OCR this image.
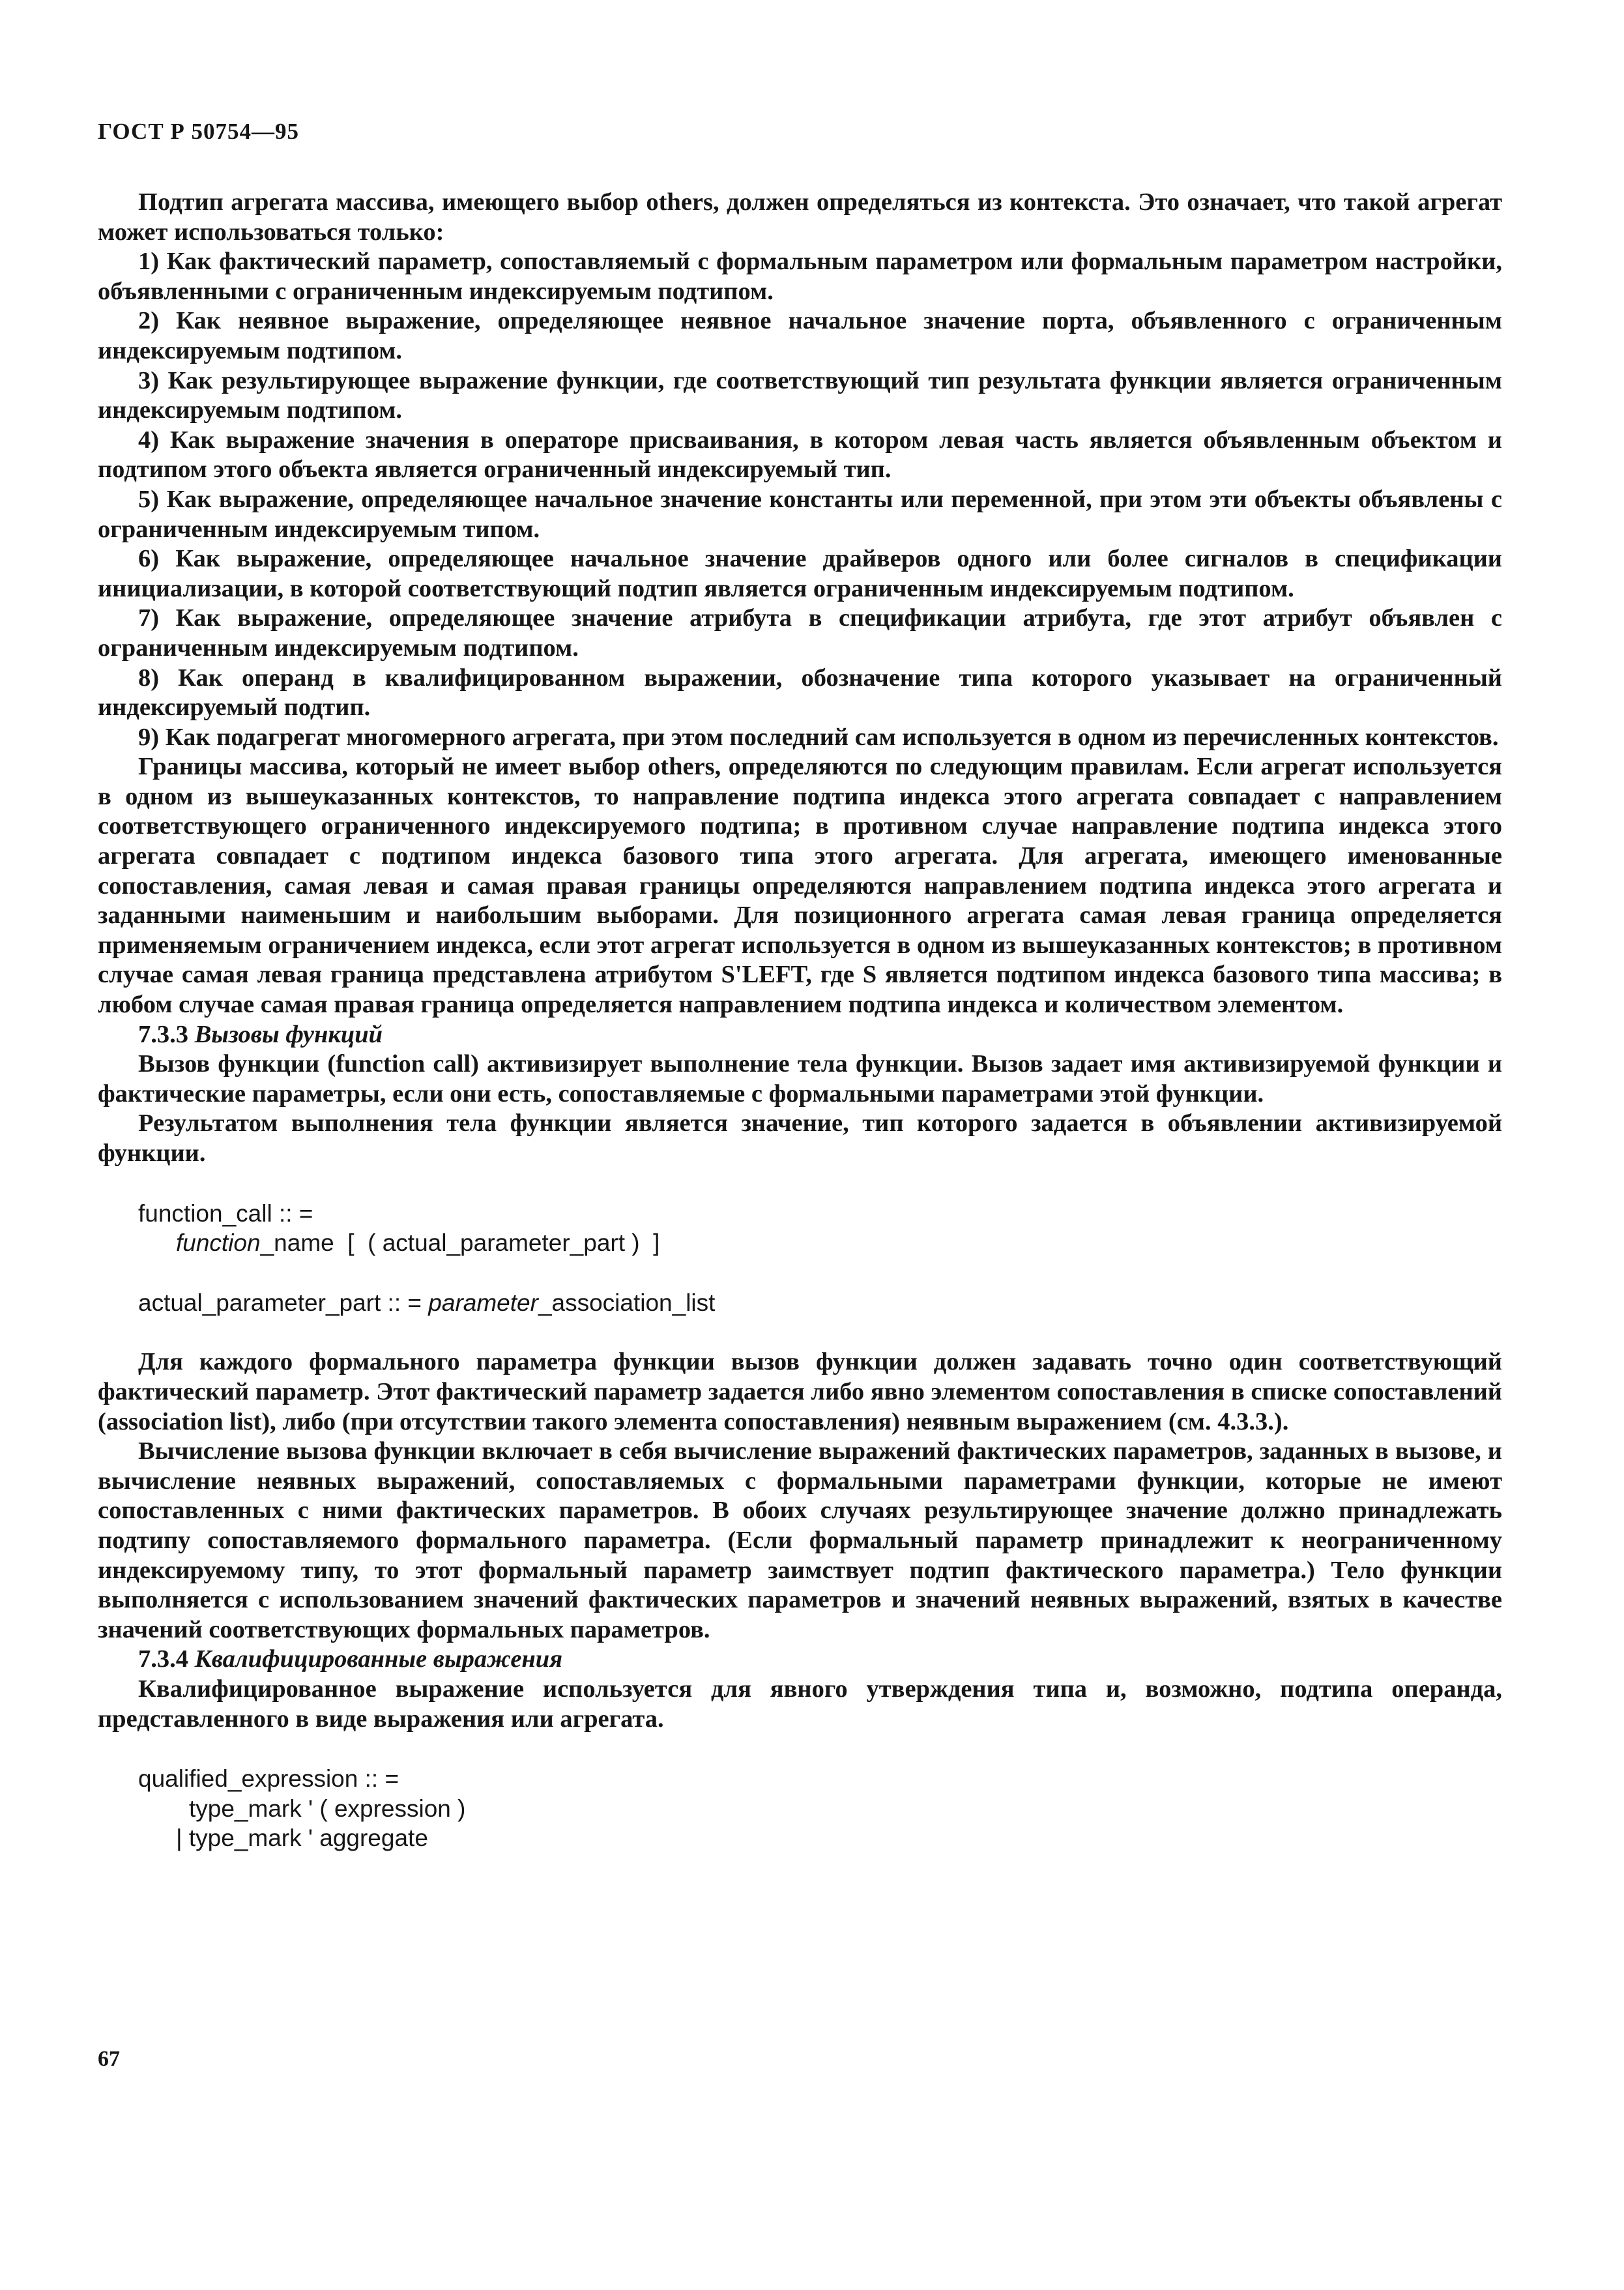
ГОСТ Р 50754—95

Подтип агрегата массива, имеющего выбор others, должен определяться из контекста. Это означает, что такой агрегат может использоваться только:

1) Как фактический параметр, сопоставляемый с формальным параметром или формальным параметром настройки, объявленными с ограниченным индексируемым подтипом.

2) Как неявное выражение, определяющее неявное начальное значение порта, объявленного с ограниченным индексируемым подтипом.

3) Как результирующее выражение функции, где соответствующий тип результата функции является ограниченным индексируемым подтипом.

4) Как выражение значения в операторе присваивания, в котором левая часть является объявленным объектом и подтипом этого объекта является ограниченный индексируемый тип.

5) Как выражение, определяющее начальное значение константы или переменной, при этом эти объекты объявлены с ограниченным индексируемым типом.

6) Как выражение, определяющее начальное значение драйверов одного или более сигналов в спецификации инициализации, в которой соответствующий подтип является ограниченным индексируемым подтипом.

7) Как выражение, определяющее значение атрибута в спецификации атрибута, где этот атрибут объявлен с ограниченным индексируемым подтипом.

8) Как операнд в квалифицированном выражении, обозначение типа которого указывает на ограниченный индексируемый подтип.

9) Как подагрегат многомерного агрегата, при этом последний сам используется в одном из перечисленных контекстов.

Границы массива, который не имеет выбор others, определяются по следующим правилам. Если агрегат используется в одном из вышеуказанных контекстов, то направление подтипа индекса этого агрегата совпадает с направлением соответствующего ограниченного индексируемого подтипа; в противном случае направление подтипа индекса этого агрегата совпадает с подтипом индекса базового типа этого агрегата. Для агрегата, имеющего именованные сопоставления, самая левая и самая правая границы определяются направлением подтипа индекса этого агрегата и заданными наименьшим и наибольшим выборами. Для позиционного агрегата самая левая граница определяется применяемым ограничением индекса, если этот агрегат используется в одном из вышеуказанных контекстов; в противном случае самая левая граница представлена атрибутом S'LEFT, где S является подтипом индекса базового типа массива; в любом случае самая правая граница определяется направлением подтипа индекса и количеством элементом.

7.3.3 Вызовы функций

Вызов функции (function call) активизирует выполнение тела функции. Вызов задает имя активизируемой функции и фактические параметры, если они есть, сопоставляемые с формальными параметрами этой функции.

Результатом выполнения тела функции является значение, тип которого задается в объявлении активизируемой функции.

function_call :: =

function_name  [  ( actual_parameter_part )  ]

actual_parameter_part :: = parameter_association_list

Для каждого формального параметра функции вызов функции должен задавать точно один соответствующий фактический параметр. Этот фактический параметр задается либо явно элементом сопоставления в списке сопоставлений (association list), либо (при отсутствии такого элемента сопоставления) неявным выражением (см. 4.3.3.).

Вычисление вызова функции включает в себя вычисление выражений фактических параметров, заданных в вызове, и вычисление неявных выражений, сопоставляемых с формальными параметрами функции, которые не имеют сопоставленных с ними фактических параметров. В обоих случаях результирующее значение должно принадлежать подтипу сопоставляемого формального параметра. (Если формальный параметр принадлежит к неограниченному индексируемому типу, то этот формальный параметр заимствует подтип фактического параметра.) Тело функции выполняется с использованием значений фактических параметров и значений неявных выражений, взятых в качестве значений соответствующих формальных параметров.

7.3.4 Квалифицированные выражения

Квалифицированное выражение используется для явного утверждения типа и, возможно, подтипа операнда, представленного в виде выражения или агрегата.

qualified_expression :: =

type_mark ' ( expression )

| type_mark ' aggregate

67
